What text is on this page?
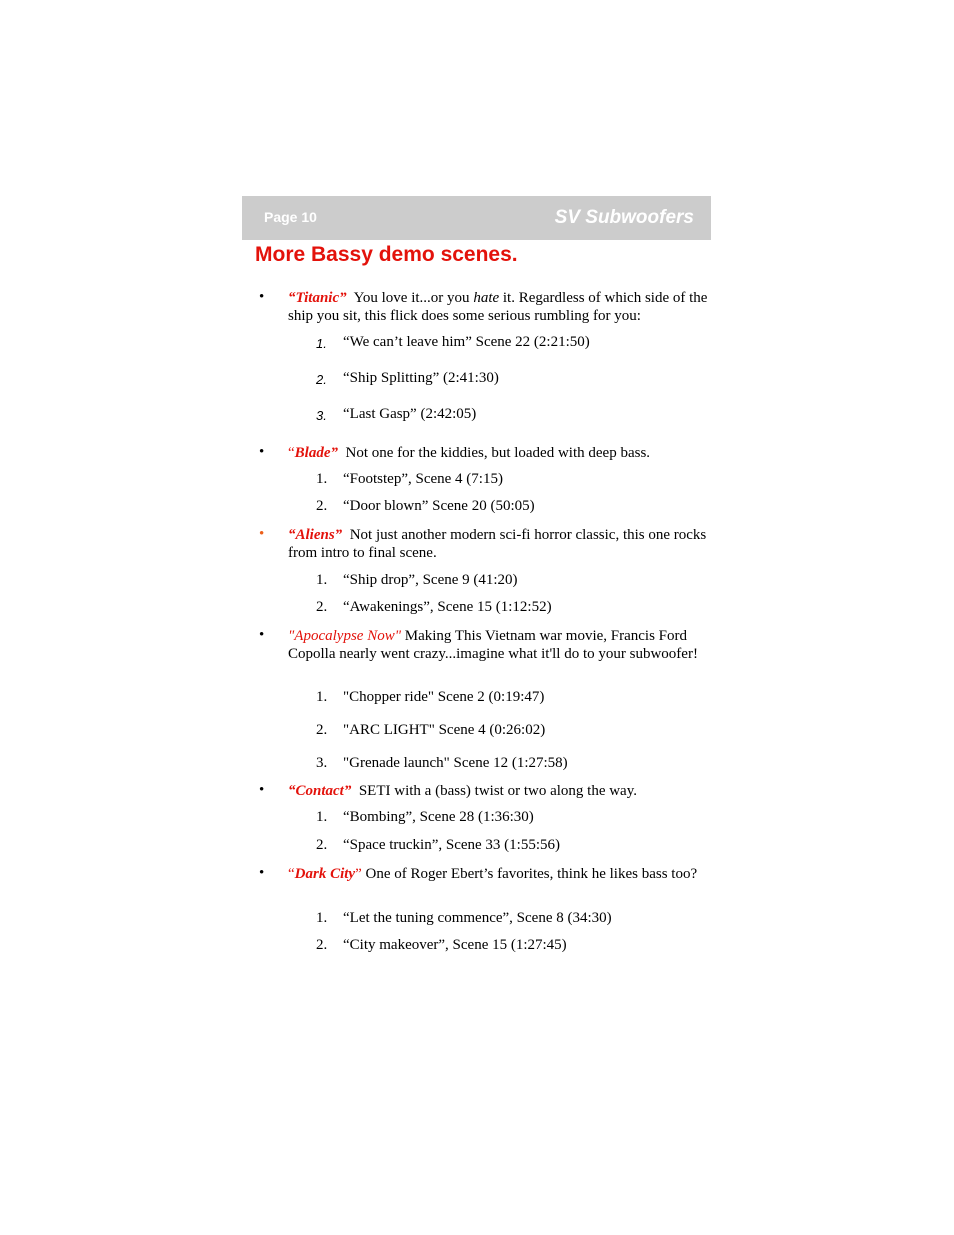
Page 10	SV Subwoofers
More Bassy demo scenes.
• “Titanic” You love it...or you hate it. Regardless of which side of the ship you sit, this flick does some serious rumbling for you:
1. “We can’t leave him” Scene 22 (2:21:50)
2. “Ship Splitting” (2:41:30)
3. “Last Gasp” (2:42:05)
• “Blade” Not one for the kiddies, but loaded with deep bass.
1. “Footstep”, Scene 4 (7:15)
2. “Door blown” Scene 20 (50:05)
• “Aliens” Not just another modern sci-fi horror classic, this one rocks from intro to final scene.
1. “Ship drop”, Scene 9 (41:20)
2. “Awakenings”, Scene 15 (1:12:52)
• "Apocalypse Now" Making This Vietnam war movie, Francis Ford Copolla nearly went crazy...imagine what it'll do to your subwoofer!
1. "Chopper ride" Scene 2 (0:19:47)
2. "ARC LIGHT" Scene 4 (0:26:02)
3. "Grenade launch" Scene 12 (1:27:58)
• “Contact” SETI with a (bass) twist or two along the way.
1. “Bombing”, Scene 28 (1:36:30)
2. “Space truckin”, Scene 33 (1:55:56)
• “Dark City” One of Roger Ebert’s favorites, think he likes bass too?
1. “Let the tuning commence”, Scene 8 (34:30)
2. “City makeover”, Scene 15 (1:27:45)
